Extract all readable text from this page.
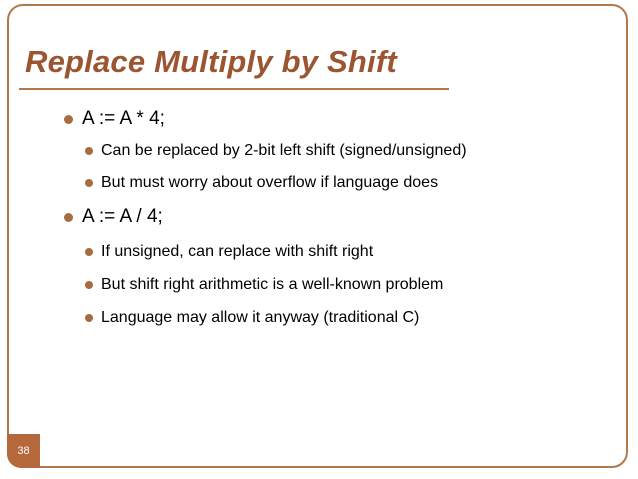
Replace Multiply by Shift
A := A * 4;
Can be replaced by 2-bit left shift (signed/unsigned)
But must worry about overflow if language does
A := A / 4;
If unsigned, can replace with shift right
But shift right arithmetic is a well-known problem
Language may allow it anyway (traditional C)
38
